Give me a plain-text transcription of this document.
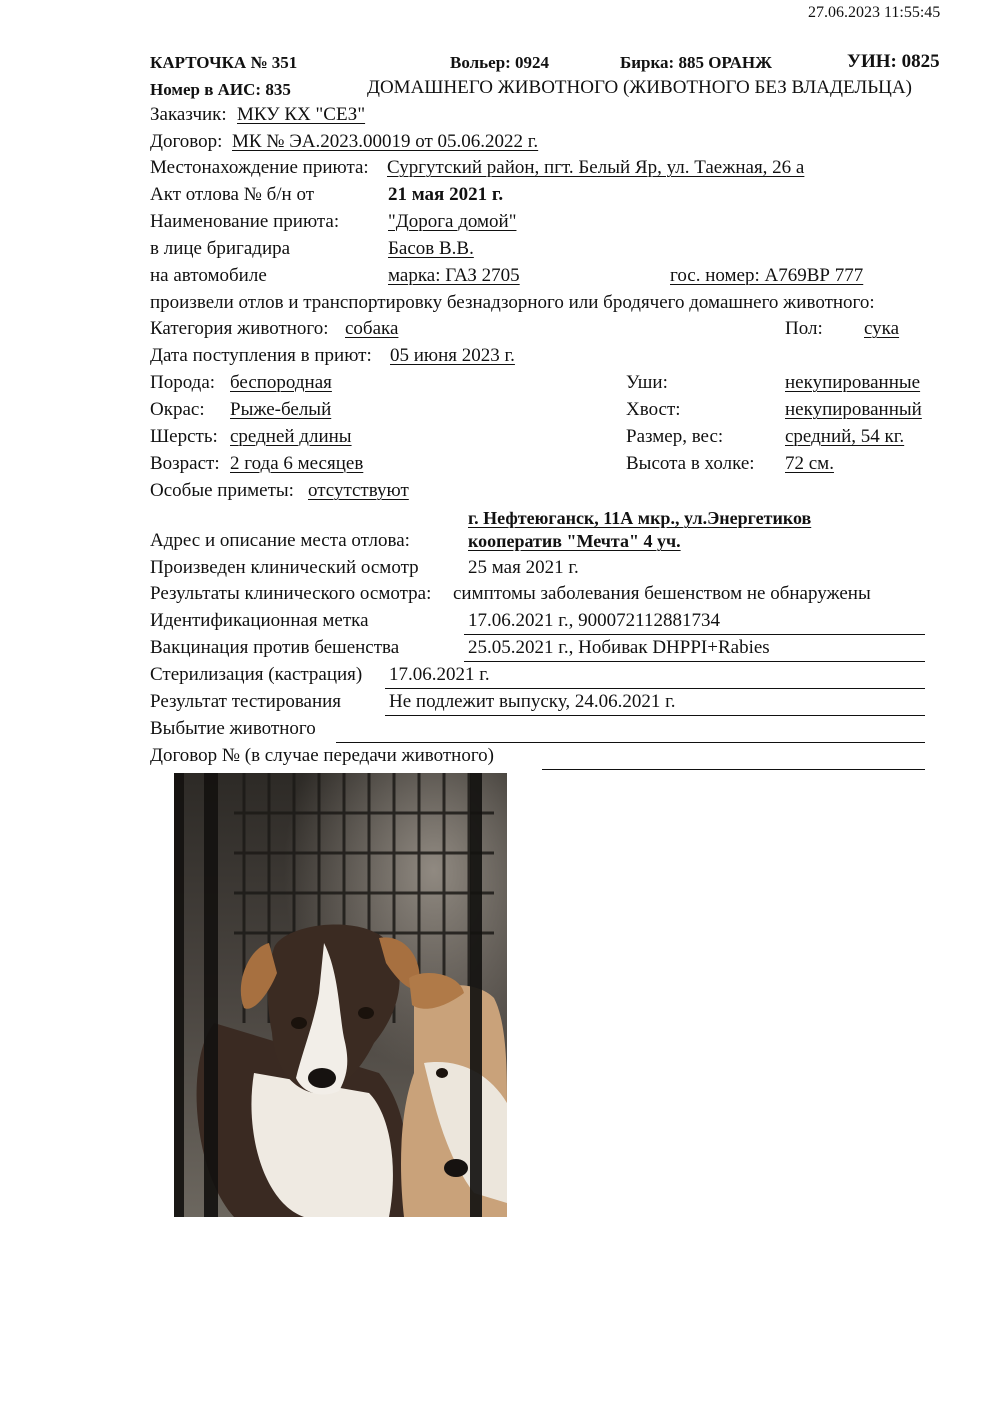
27.06.2023 11:55:45
КАРТОЧКА № 351	Вольер: 0924	Бирка: 885 ОРАНЖ	УИН: 0825
Номер в АИС: 835	ДОМАШНЕГО ЖИВОТНОГО (ЖИВОТНОГО БЕЗ ВЛАДЕЛЬЦА)
Заказчик: МКУ КХ "СЕЗ"
Договор: МК № ЭА.2023.00019 от 05.06.2022 г.
Местонахождение приюта: Сургутский район, пгт. Белый Яр, ул. Таежная, 26 а
Акт отлова № б/н от	21 мая 2021 г.
Наименование приюта:	"Дорога домой"
в лице бригадира	Басов В.В.
на автомобиле	марка: ГАЗ 2705	гос. номер: А769ВР 777
произвели отлов и транспортировку безнадзорного или бродячего домашнего животного:
Категория животного: собака	Пол: сука
Дата поступления в приют: 05 июня 2023 г.
Порода: беспородная	Уши:	некупированные
Окрас: Рыже-белый	Хвост:	некупированный
Шерсть: средней длины	Размер, вес:	средний, 54 кг.
Возраст: 2 года 6 месяцев	Высота в холке: 72 см.
Особые приметы: отсутствуют
г. Нефтеюганск, 11А мкр., ул.Энергетиков
Адрес и описание места отлова:	кооператив "Мечта" 4 уч.
Произведен клинический осмотр	25 мая 2021 г.
Результаты клинического осмотра: симптомы заболевания бешенством не обнаружены
Идентификационная метка	17.06.2021 г., 900072112881734
Вакцинация против бешенства	25.05.2021 г., Нобивак DHPPI+Rabies
Стерилизация (кастрация) 17.06.2021 г.
Результат тестирования	Не подлежит выпуску, 24.06.2021 г.
Выбытие животного
Договор № (в случае передачи животного)
